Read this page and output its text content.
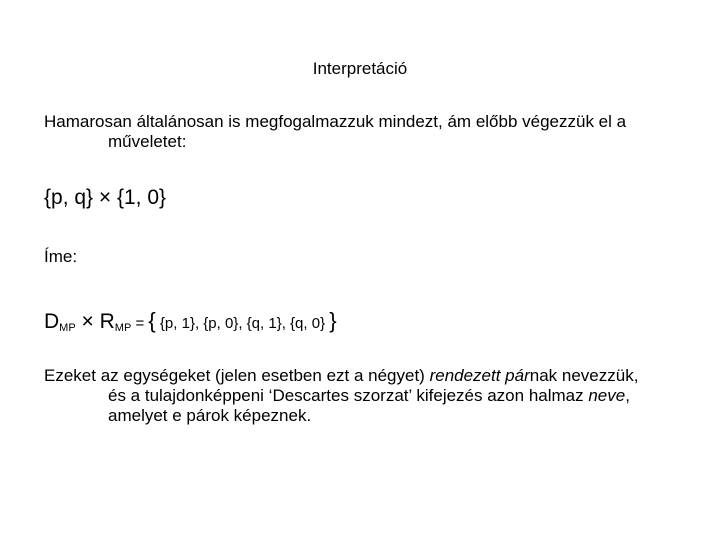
Interpretáció

Hamarosan általánosan is megfogalmazzuk mindezt, ám előbb végezzük el a
műveletet:

{p, q} × {1, 0}
Íme:
$D_{MP} \times R_{MP}$ = { {p, 1}, {p, 0}, {q, 1}, {q, 0} }

Ezeket az egységeket (jelen esetben ezt a négyet) rendezett párnak nevezzük,
és a tulajdonképpeni ‘Descartes szorzat’ kifejezés azon halmaz neve,
amelyet e párok képeznek.
